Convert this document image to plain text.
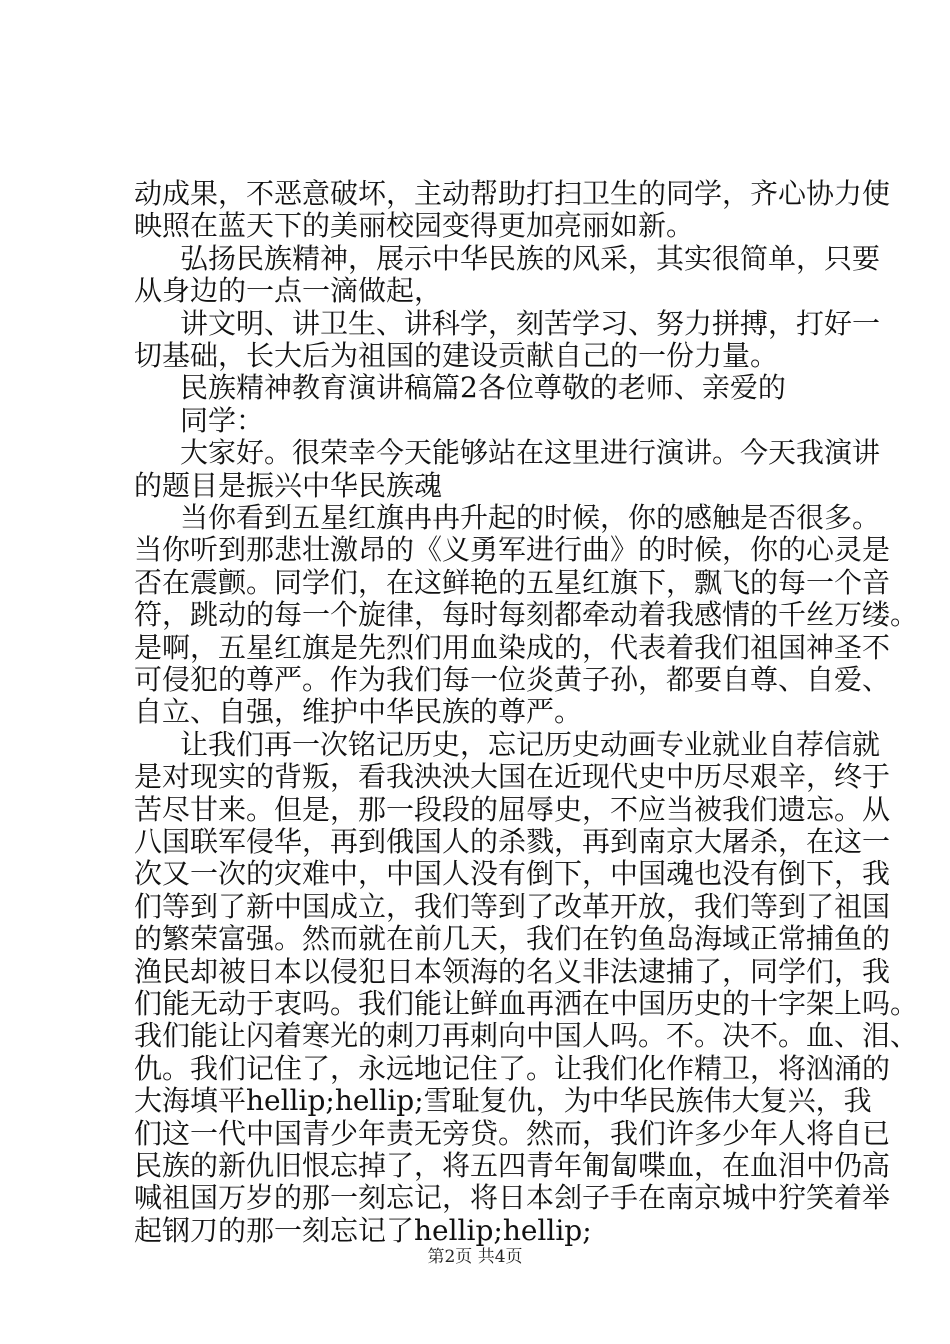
动成果，不恶意破坏，主动帮助打扫卫生的同学，齐心协力使

映照在蓝天下的美丽校园变得更加亮丽如新。

弘扬民族精神，展示中华民族的风采，其实很简单，只要

从身边的一点一滴做起，

讲文明、讲卫生、讲科学，刻苦学习、努力拼搏，打好一

切基础，长大后为祖国的建设贡献自己的一份力量。

民族精神教育演讲稿篇2各位尊敬的老师、亲爱的

同学：

大家好。很荣幸今天能够站在这里进行演讲。今天我演讲

的题目是振兴中华民族魂

当你看到五星红旗冉冉升起的时候，你的感触是否很多。

当你听到那悲壮激昂的《义勇军进行曲》的时候，你的心灵是

否在震颤。同学们，在这鲜艳的五星红旗下，飘飞的每一个音

符，跳动的每一个旋律，每时每刻都牵动着我感情的千丝万缕。

是啊，五星红旗是先烈们用血染成的，代表着我们祖国神圣不

可侵犯的尊严。作为我们每一位炎黄子孙，都要自尊、自爱、

自立、自强，维护中华民族的尊严。

让我们再一次铭记历史，忘记历史动画专业就业自荐信就

是对现实的背叛，看我泱泱大国在近现代史中历尽艰辛，终于

苦尽甘来。但是，那一段段的屈辱史，不应当被我们遗忘。从

八国联军侵华，再到俄国人的杀戮，再到南京大屠杀，在这一

次又一次的灾难中，中国人没有倒下，中国魂也没有倒下，我

们等到了新中国成立，我们等到了改革开放，我们等到了祖国

的繁荣富强。然而就在前几天，我们在钓鱼岛海域正常捕鱼的

渔民却被日本以侵犯日本领海的名义非法逮捕了，同学们，我

们能无动于衷吗。我们能让鲜血再洒在中国历史的十字架上吗。

我们能让闪着寒光的刺刀再刺向中国人吗。不。决不。血、泪、

仇。我们记住了，永远地记住了。让我们化作精卫，将汹涌的

大海填平hellip;hellip;雪耻复仇，为中华民族伟大复兴，我

们这一代中国青少年责无旁贷。然而，我们许多少年人将自已

民族的新仇旧恨忘掉了，将五四青年匍匐喋血，在血泪中仍高

喊祖国万岁的那一刻忘记，将日本刽子手在南京城中狞笑着举

起钢刀的那一刻忘记了hellip;hellip;

第2页 共4页
